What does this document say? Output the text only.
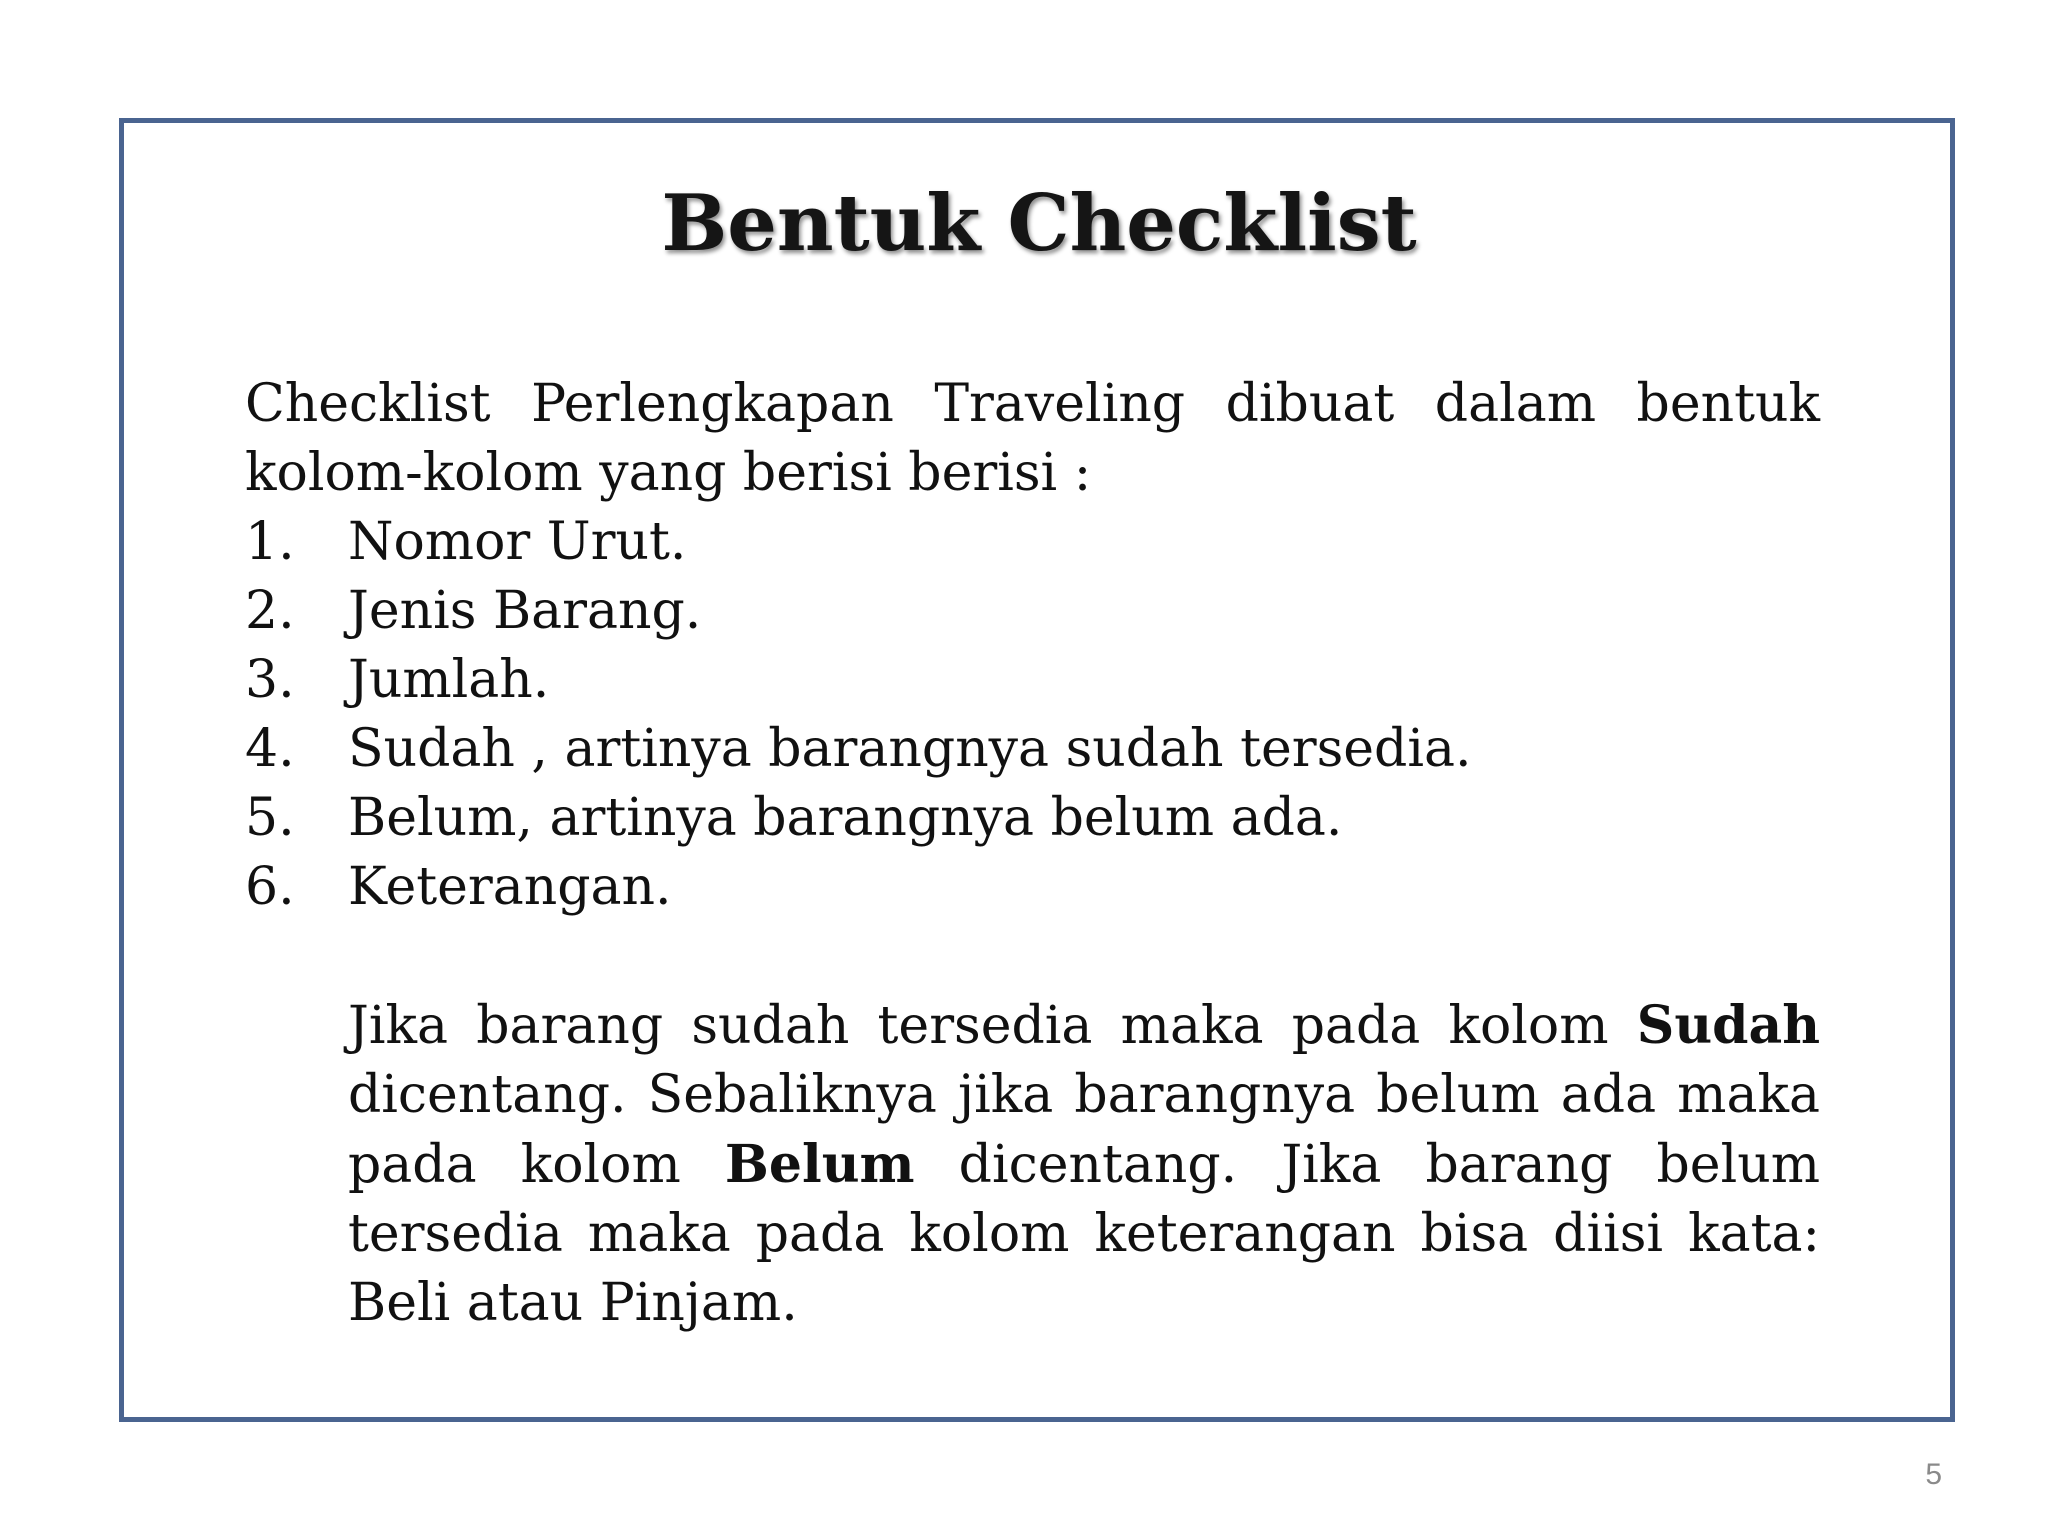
Bentuk Checklist

Checklist Perlengkapan Traveling dibuat dalam bentuk
kolom-kolom yang berisi berisi :

1.	Nomor Urut.
2.	Jenis Barang.
3.	Jumlah.
4.	Sudah , artinya barangnya sudah tersedia.
5.	Belum, artinya barangnya belum ada.
6.	Keterangan.

Jika barang sudah tersedia maka pada kolom Sudah dicentang. Sebaliknya jika barangnya belum ada maka pada kolom Belum dicentang. Jika barang belum tersedia maka pada kolom keterangan bisa diisi kata: Beli atau Pinjam.

5
